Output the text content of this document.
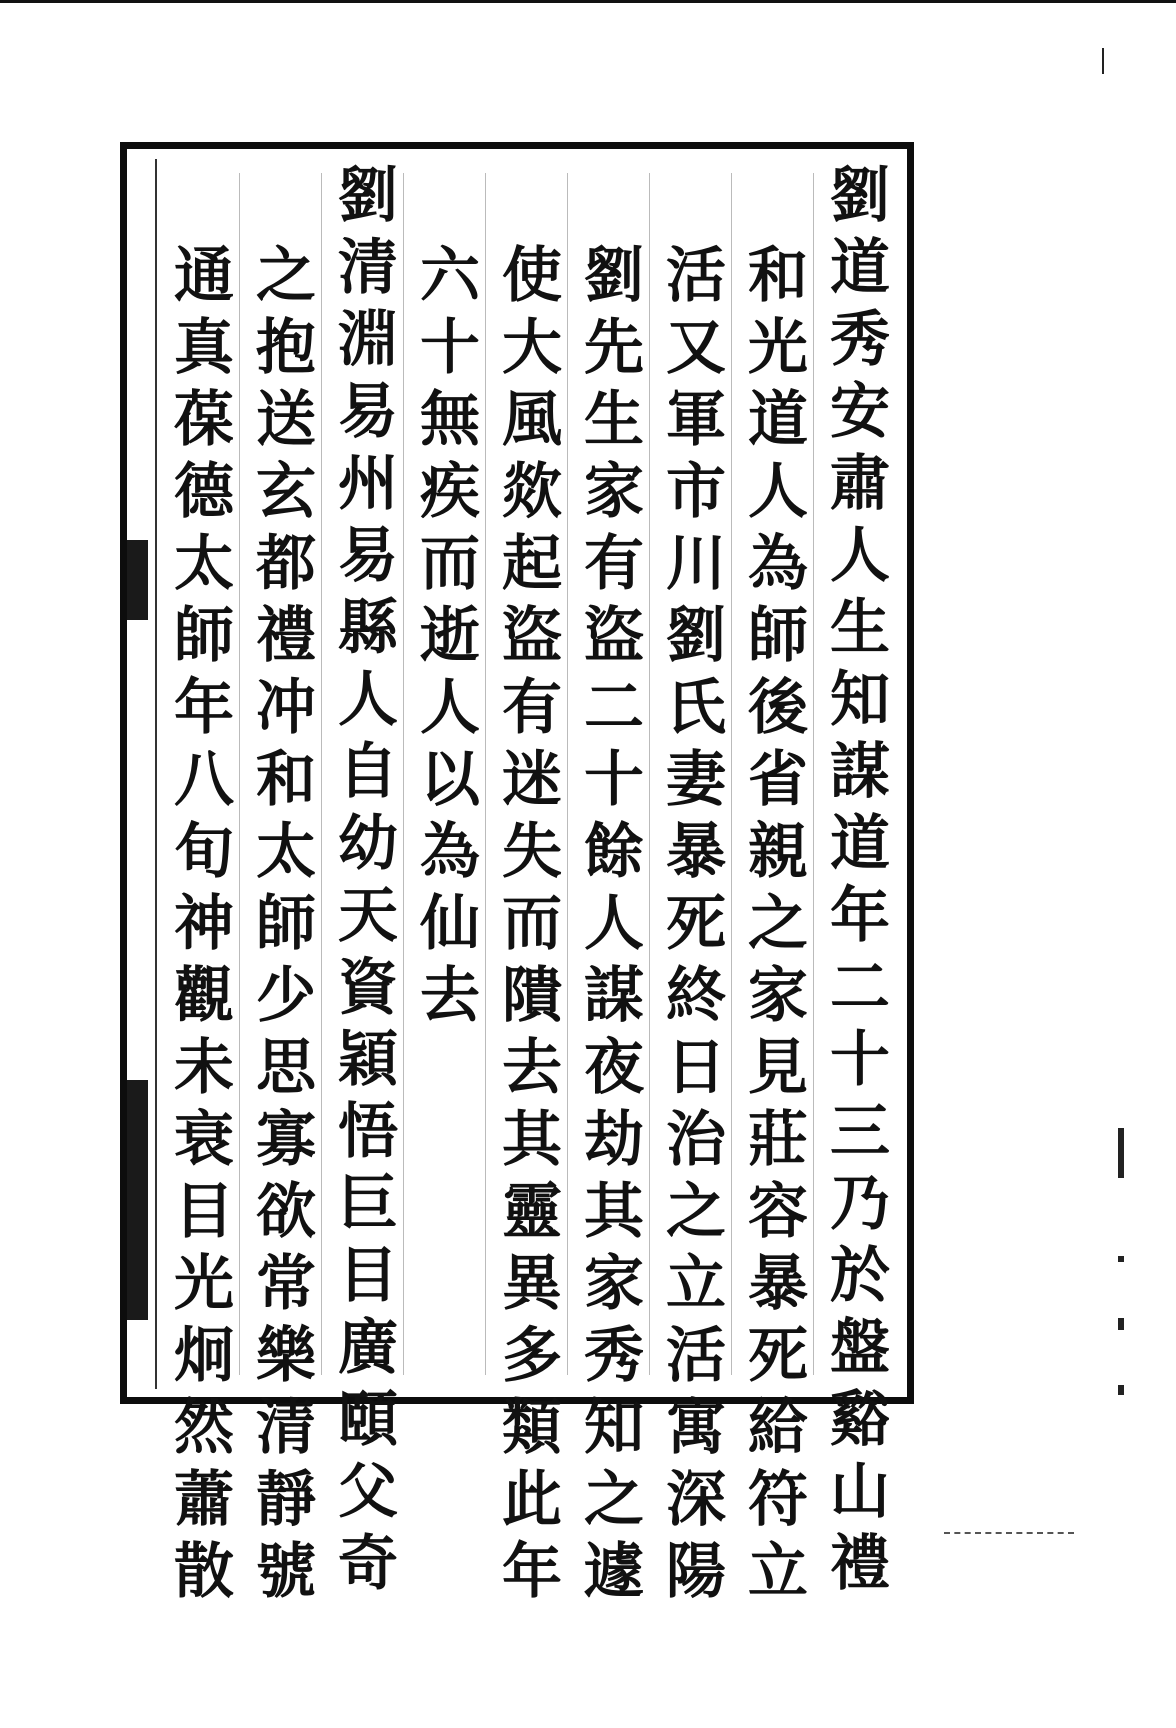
劉道秀安肅人生知謀道年二十三乃於盤谿山禮
和光道人為師後省親之家見莊容暴死給符立
活又軍市川劉氏妻暴死終日治之立活寓深陽
劉先生家有盜二十餘人謀夜劫其家秀知之遽
使大風欻起盜有迷失而隤去其靈異多類此年
六十無疾而逝人以為仙去
劉清淵易州易縣人自幼天資穎悟巨目廣頤父奇
之抱送玄都禮冲和太師少思寡欲常樂清靜號
通真葆德太師年八旬神觀未衰目光炯然蕭散
